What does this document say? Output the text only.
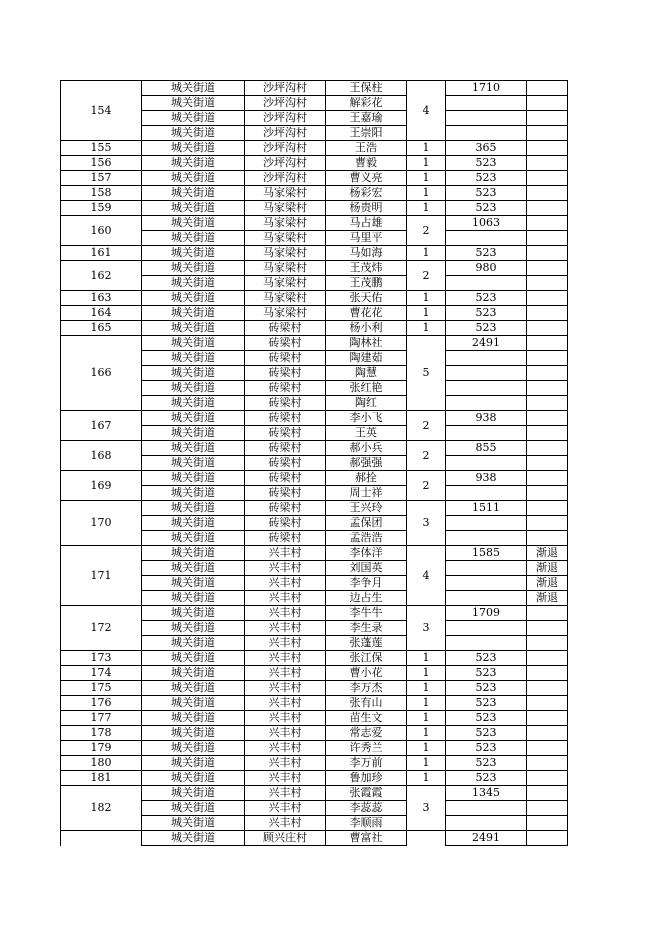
154	城关街道	沙坪沟村	王保柱	4	1710	
	城关街道	沙坪沟村	解彩花			
	城关街道	沙坪沟村	王嘉瑜			
	城关街道	沙坪沟村	王崇阳			
155	城关街道	沙坪沟村	王浩	1	365	
156	城关街道	沙坪沟村	曹毅	1	523	
157	城关街道	沙坪沟村	曹义亮	1	523	
158	城关街道	马家梁村	杨彩宏	1	523	
159	城关街道	马家梁村	杨贵明	1	523	
160	城关街道	马家梁村	马占雄	2	1063	
	城关街道	马家梁村	马里平			
161	城关街道	马家梁村	马如海	1	523	
162	城关街道	马家梁村	王茂炜	2	980	
	城关街道	马家梁村	王茂鹏			
163	城关街道	马家梁村	张天佑	1	523	
164	城关街道	马家梁村	曹花花	1	523	
165	城关街道	砖梁村	杨小利	1	523	
166	城关街道	砖梁村	陶林社	5	2491	
	城关街道	砖梁村	陶建茹			
	城关街道	砖梁村	陶慧			
	城关街道	砖梁村	张红艳			
	城关街道	砖梁村	陶红			
167	城关街道	砖梁村	李小飞	2	938	
	城关街道	砖梁村	王英			
168	城关街道	砖梁村	郝小兵	2	855	
	城关街道	砖梁村	郝强强			
169	城关街道	砖梁村	郝拴	2	938	
	城关街道	砖梁村	周士祥			
170	城关街道	砖梁村	王兴玲	3	1511	
	城关街道	砖梁村	孟保团			
	城关街道	砖梁村	孟浩浩			
171	城关街道	兴丰村	李体洋	4	1585	渐退
	城关街道	兴丰村	刘国英			渐退
	城关街道	兴丰村	李争月			渐退
	城关街道	兴丰村	边占生			渐退
172	城关街道	兴丰村	李牛牛	3	1709	
	城关街道	兴丰村	李生录			
	城关街道	兴丰村	张蓬莲			
173	城关街道	兴丰村	张江保	1	523	
174	城关街道	兴丰村	曹小花	1	523	
175	城关街道	兴丰村	李万杰	1	523	
176	城关街道	兴丰村	张有山	1	523	
177	城关街道	兴丰村	苗生文	1	523	
178	城关街道	兴丰村	常志爱	1	523	
179	城关街道	兴丰村	许秀兰	1	523	
180	城关街道	兴丰村	李万前	1	523	
181	城关街道	兴丰村	鲁加珍	1	523	
182	城关街道	兴丰村	张霞霞	3	1345	
	城关街道	兴丰村	李蕊蕊			
	城关街道	兴丰村	李顺雨			
	城关街道	顾兴庄村	曹富社		2491	
